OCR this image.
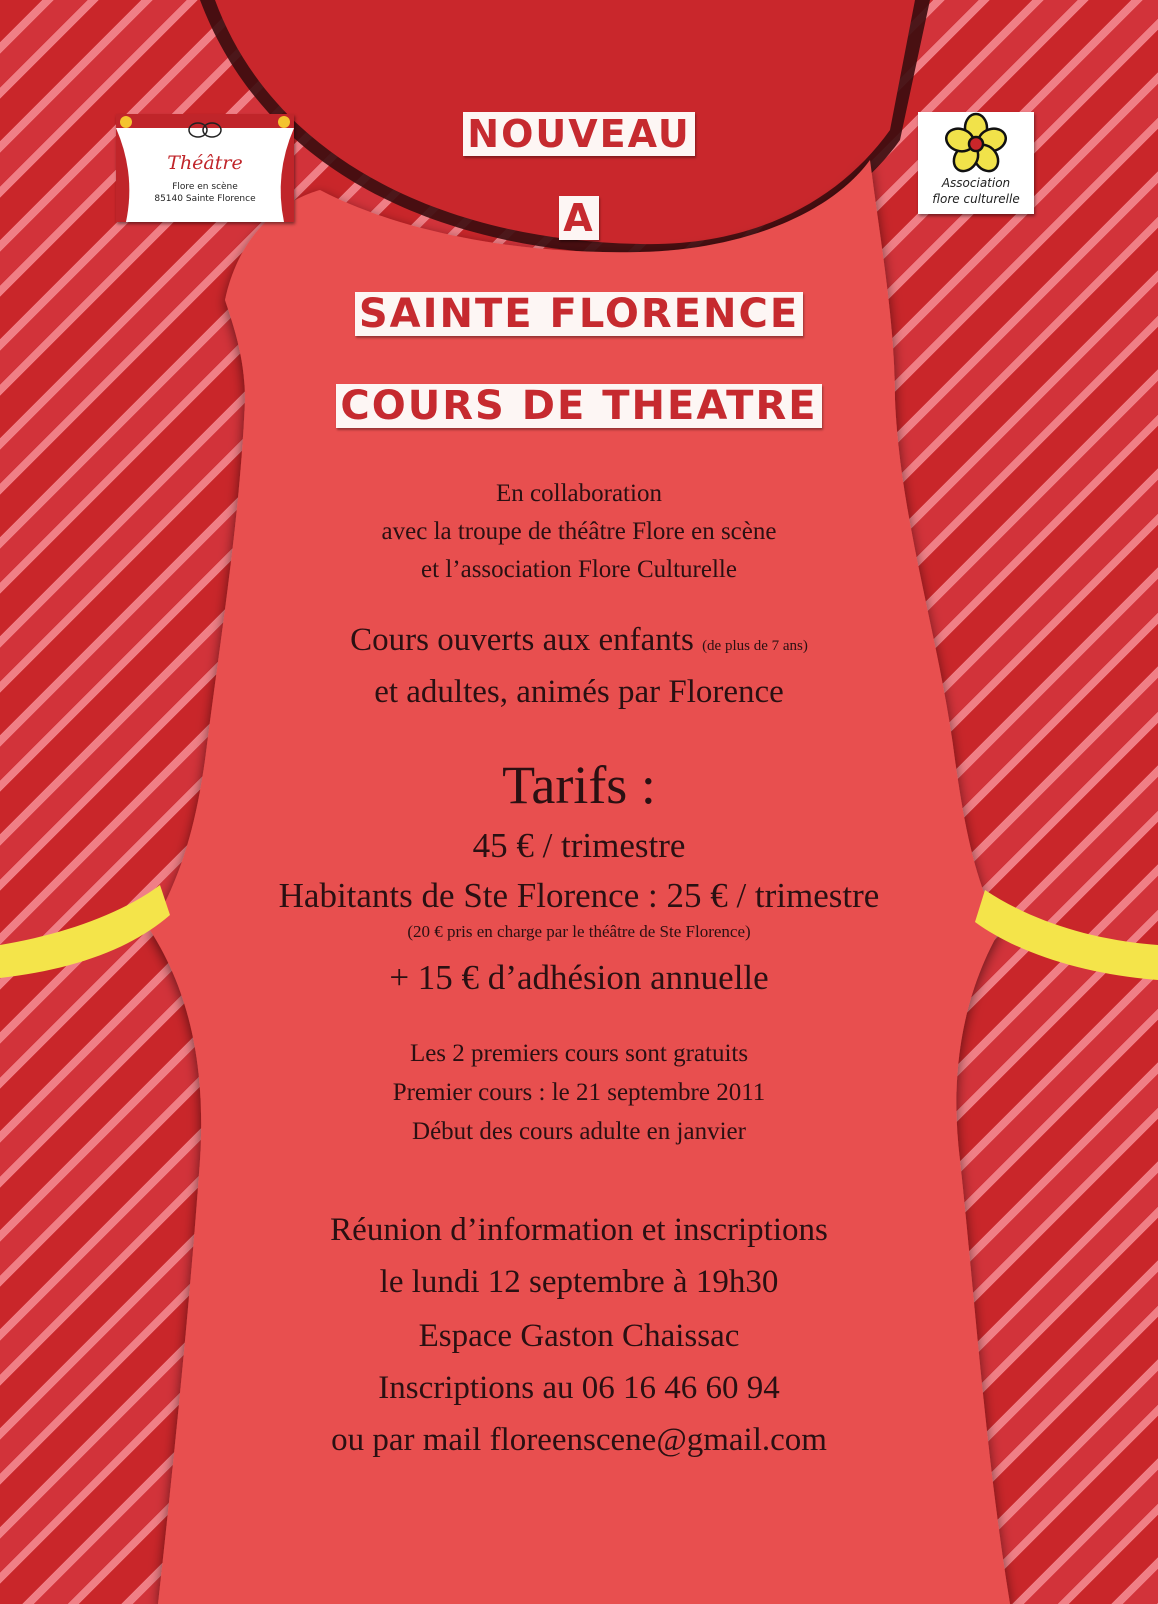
Théâtre
Flore en scène
85140 Sainte Florence
Association
flore culturelle

NOUVEAU

A

SAINTE FLORENCE

COURS DE THEATRE

En collaboration

avec la troupe de théâtre Flore en scène

et l’association Flore Culturelle

Cours ouverts aux enfants (de plus de 7 ans)

et adultes, animés par Florence

Tarifs :

45 € / trimestre

Habitants de Ste Florence : 25 € / trimestre

(20 € pris en charge par le théâtre de Ste Florence)

+ 15 € d’adhésion annuelle

Les 2 premiers cours sont gratuits

Premier cours : le 21 septembre 2011

Début des cours adulte en janvier

Réunion d’information et inscriptions

le lundi 12 septembre à 19h30

Espace Gaston Chaissac

Inscriptions au 06 16 46 60 94

ou par mail floreenscene@gmail.com
